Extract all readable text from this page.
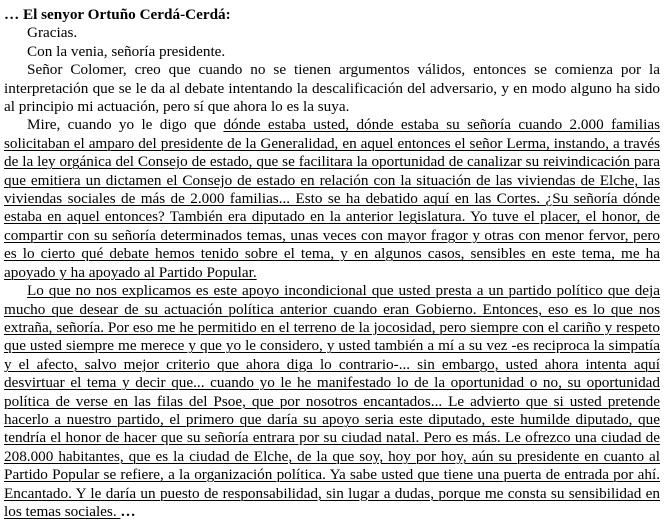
… El senyor Ortuño Cerdá-Cerdá:

Gracias.

Con la venia, señoría presidente.

Señor Colomer, creo que cuando no se tienen argumentos válidos, entonces se comienza por la interpretación que se le da al debate intentando la descalificación del adversario, y en modo alguno ha sido al principio mi actuación, pero sí que ahora lo es la suya.

Mire, cuando yo le digo que dónde estaba usted, dónde estaba su señoría cuando 2.000 familias solicitaban el amparo del presidente de la Generalidad, en aquel entonces el señor Lerma, instando, a través de la ley orgánica del Consejo de estado, que se facilitara la oportunidad de canalizar su reivindicación para que emitiera un dictamen el Consejo de estado en relación con la situación de las viviendas de Elche, las viviendas sociales de más de 2.000 familias... Esto se ha debatido aquí en las Cortes. ¿Su señoría dónde estaba en aquel entonces? También era diputado en la anterior legislatura. Yo tuve el placer, el honor, de compartir con su señoría determinados temas, unas veces con mayor fragor y otras con menor fervor, pero es lo cierto qué debate hemos tenido sobre el tema, y en algunos casos, sensibles en este tema, me ha apoyado y ha apoyado al Partido Popular.

Lo que no nos explicamos es este apoyo incondicional que usted presta a un partido político que deja mucho que desear de su actuación política anterior cuando eran Gobierno. Entonces, eso es lo que nos extraña, señoría. Por eso me he permitido en el terreno de la jocosidad, pero siempre con el cariño y respeto que usted siempre me merece y que yo le considero, y usted también a mí a su vez -es reciproca la simpatía y el afecto, salvo mejor criterio que ahora diga lo contrario-... sin embargo, usted ahora intenta aquí desvirtuar el tema y decir que... cuando yo le he manifestado lo de la oportunidad o no, su oportunidad política de verse en las filas del Psoe, que por nosotros encantados... Le advierto que si usted pretende hacerlo a nuestro partido, el primero que daría su apoyo seria este diputado, este humilde diputado, que tendría el honor de hacer que su señoría entrara por su ciudad natal. Pero es más. Le ofrezco una ciudad de 208.000 habitantes, que es la ciudad de Elche, de la que soy, hoy por hoy, aún su presidente en cuanto al Partido Popular se refiere, a la organización política. Ya sabe usted que tiene una puerta de entrada por ahí. Encantado. Y le daría un puesto de responsabilidad, sin lugar a dudas, porque me consta su sensibilidad en los temas sociales. …
